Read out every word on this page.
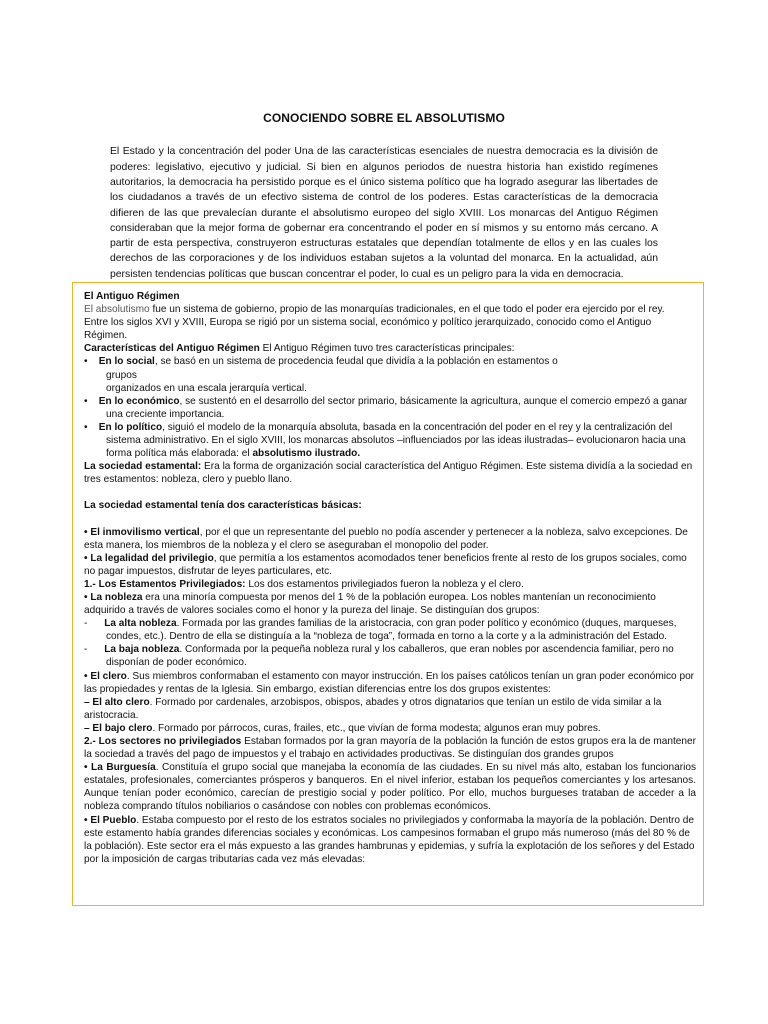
CONOCIENDO SOBRE EL ABSOLUTISMO

El Estado y la concentración del poder Una de las características esenciales de nuestra democracia es la división de poderes: legislativo, ejecutivo y judicial. Si bien en algunos periodos de nuestra historia han existido regímenes autoritarios, la democracia ha persistido porque es el único sistema político que ha logrado asegurar las libertades de los ciudadanos a través de un efectivo sistema de control de los poderes. Estas características de la democracia difieren de las que prevalecían durante el absolutismo europeo del siglo XVIII. Los monarcas del Antiguo Régimen consideraban que la mejor forma de gobernar era concentrando el poder en sí mismos y su entorno más cercano. A partir de esta perspectiva, construyeron estructuras estatales que dependían totalmente de ellos y en las cuales los derechos de las corporaciones y de los individuos estaban sujetos a la voluntad del monarca. En la actualidad, aún persisten tendencias políticas que buscan concentrar el poder, lo cual es un peligro para la vida en democracia.

El Antiguo Régimen

El absolutismo fue un sistema de gobierno, propio de las monarquías tradicionales, en el que todo el poder era ejercido por el rey.

Entre los siglos XVI y XVIII, Europa se rigió por un sistema social, económico y político jerarquizado, conocido como el Antiguo Régimen.

Características del Antiguo Régimen El Antiguo Régimen tuvo tres características principales:

• En lo social, se basó en un sistema de procedencia feudal que dividía a la población en estamentos o

grupos

organizados en una escala jerarquía vertical.

• En lo económico, se sustentó en el desarrollo del sector primario, básicamente la agricultura, aunque el comercio empezó a ganar una creciente importancia.

• En lo político, siguió el modelo de la monarquía absoluta, basada en la concentración del poder en el rey y la centralización del sistema administrativo. En el siglo XVIII, los monarcas absolutos –influenciados por las ideas ilustradas– evolucionaron hacia una forma política más elaborada: el absolutismo ilustrado.

La sociedad estamental: Era la forma de organización social característica del Antiguo Régimen. Este sistema dividía a la sociedad en tres estamentos: nobleza, clero y pueblo llano.

La sociedad estamental tenía dos características básicas:

• El inmovilismo vertical, por el que un representante del pueblo no podía ascender y pertenecer a la nobleza, salvo excepciones. De esta manera, los miembros de la nobleza y el clero se aseguraban el monopolio del poder.

• La legalidad del privilegio, que permitía a los estamentos acomodados tener beneficios frente al resto de los grupos sociales, como no pagar impuestos, disfrutar de leyes particulares, etc.

1.- Los Estamentos Privilegiados: Los dos estamentos privilegiados fueron la nobleza y el clero.

• La nobleza era una minoría compuesta por menos del 1 % de la población europea. Los nobles mantenían un reconocimiento adquirido a través de valores sociales como el honor y la pureza del linaje. Se distinguían dos grupos:

- La alta nobleza. Formada por las grandes familias de la aristocracia, con gran poder político y económico (duques, marqueses, condes, etc.). Dentro de ella se distinguía a la “nobleza de toga”, formada en torno a la corte y a la administración del Estado.

- La baja nobleza. Conformada por la pequeña nobleza rural y los caballeros, que eran nobles por ascendencia familiar, pero no disponían de poder económico.

• El clero. Sus miembros conformaban el estamento con mayor instrucción. En los países católicos tenían un gran poder económico por las propiedades y rentas de la Iglesia. Sin embargo, existían diferencias entre los dos grupos existentes:

– El alto clero. Formado por cardenales, arzobispos, obispos, abades y otros dignatarios que tenían un estilo de vida similar a la aristocracia.

– El bajo clero. Formado por párrocos, curas, frailes, etc., que vivían de forma modesta; algunos eran muy pobres.

2.- Los sectores no privilegiados Estaban formados por la gran mayoría de la población la función de estos grupos era la de mantener la sociedad a través del pago de impuestos y el trabajo en actividades productivas. Se distinguían dos grandes grupos

• La Burguesía. Constituía el grupo social que manejaba la economía de las ciudades. En su nivel más alto, estaban los funcionarios estatales, profesionales, comerciantes prósperos y banqueros. En el nivel inferior, estaban los pequeños comerciantes y los artesanos. Aunque tenían poder económico, carecían de prestigio social y poder político. Por ello, muchos burgueses trataban de acceder a la nobleza comprando títulos nobiliarios o casándose con nobles con problemas económicos.

• El Pueblo. Estaba compuesto por el resto de los estratos sociales no privilegiados y conformaba la mayoría de la población. Dentro de este estamento había grandes diferencias sociales y económicas. Los campesinos formaban el grupo más numeroso (más del 80 % de la población). Este sector era el más expuesto a las grandes hambrunas y epidemias, y sufría la explotación de los señores y del Estado por la imposición de cargas tributarias cada vez más elevadas:
